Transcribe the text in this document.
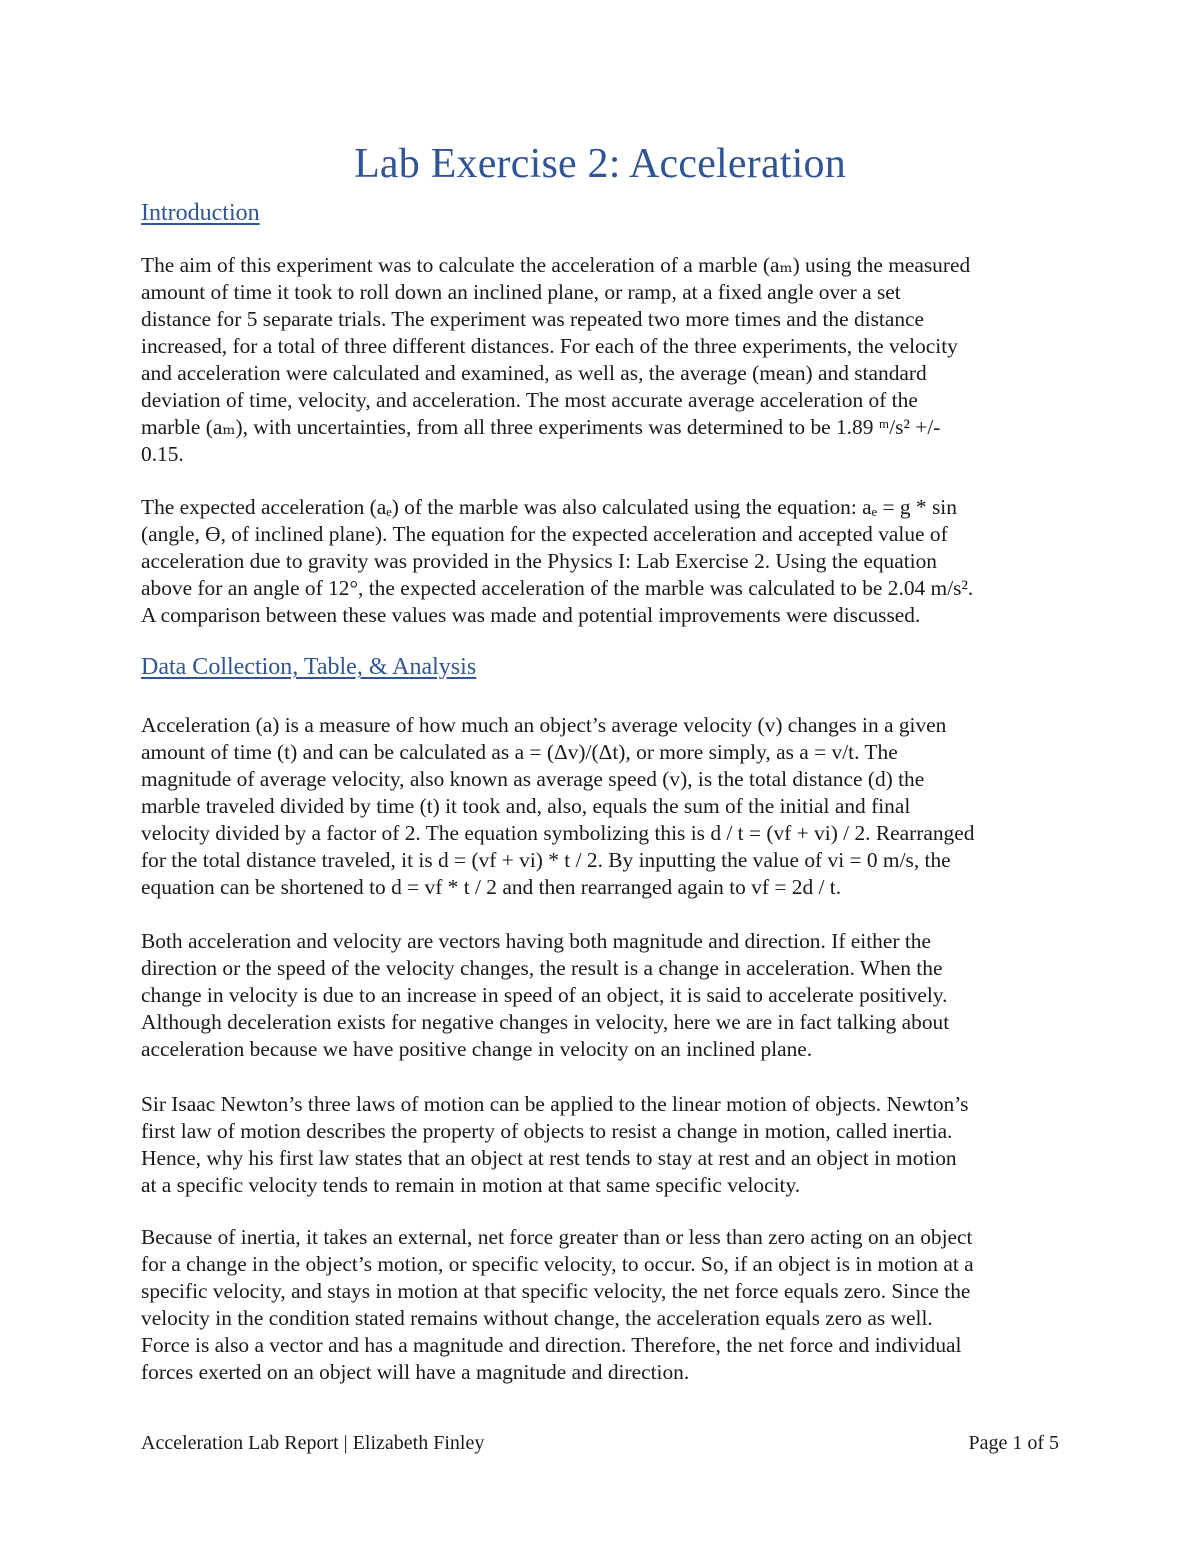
Lab Exercise 2: Acceleration
Introduction
The aim of this experiment was to calculate the acceleration of a marble (aₘ) using the measured
amount of time it took to roll down an inclined plane, or ramp, at a fixed angle over a set
distance for 5 separate trials. The experiment was repeated two more times and the distance
increased, for a total of three different distances. For each of the three experiments, the velocity
and acceleration were calculated and examined, as well as, the average (mean) and standard
deviation of time, velocity, and acceleration. The most accurate average acceleration of the
marble (aₘ), with uncertainties, from all three experiments was determined to be 1.89 ᵐ/s² +/-
0.15.
The expected acceleration (aₑ) of the marble was also calculated using the equation: aₑ = g * sin
(angle, ϴ, of inclined plane). The equation for the expected acceleration and accepted value of
acceleration due to gravity was provided in the Physics I: Lab Exercise 2. Using the equation
above for an angle of 12°, the expected acceleration of the marble was calculated to be 2.04 m/s².
A comparison between these values was made and potential improvements were discussed.
Data Collection, Table, & Analysis
Acceleration (a) is a measure of how much an object’s average velocity (v) changes in a given
amount of time (t) and can be calculated as a = (Δv)/(Δt), or more simply, as a = v/t. The
magnitude of average velocity, also known as average speed (v), is the total distance (d) the
marble traveled divided by time (t) it took and, also, equals the sum of the initial and final
velocity divided by a factor of 2. The equation symbolizing this is d / t = (vf + vi) / 2. Rearranged
for the total distance traveled, it is d = (vf + vi) * t / 2. By inputting the value of vi = 0 m/s, the
equation can be shortened to d = vf * t / 2 and then rearranged again to vf = 2d / t.
Both acceleration and velocity are vectors having both magnitude and direction. If either the
direction or the speed of the velocity changes, the result is a change in acceleration. When the
change in velocity is due to an increase in speed of an object, it is said to accelerate positively.
Although deceleration exists for negative changes in velocity, here we are in fact talking about
acceleration because we have positive change in velocity on an inclined plane.
Sir Isaac Newton’s three laws of motion can be applied to the linear motion of objects. Newton’s
first law of motion describes the property of objects to resist a change in motion, called inertia.
Hence, why his first law states that an object at rest tends to stay at rest and an object in motion
at a specific velocity tends to remain in motion at that same specific velocity.
Because of inertia, it takes an external, net force greater than or less than zero acting on an object
for a change in the object’s motion, or specific velocity, to occur. So, if an object is in motion at a
specific velocity, and stays in motion at that specific velocity, the net force equals zero. Since the
velocity in the condition stated remains without change, the acceleration equals zero as well.
Force is also a vector and has a magnitude and direction. Therefore, the net force and individual
forces exerted on an object will have a magnitude and direction.
Acceleration Lab Report | Elizabeth Finley	Page 1 of 5
